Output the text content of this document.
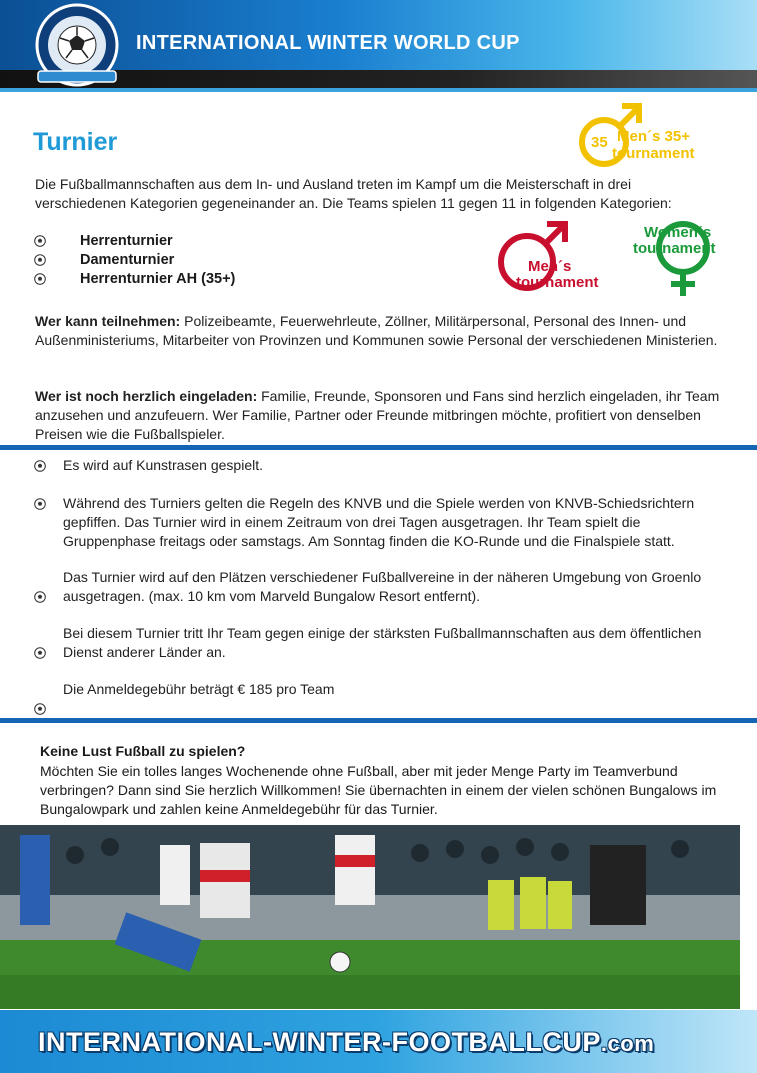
INTERNATIONAL WINTER WORLD CUP
Turnier
Die Fußballmannschaften aus dem In- und Ausland treten im Kampf um die Meisterschaft in drei verschiedenen Kategorien gegeneinander an. Die Teams spielen 11 gegen 11 in folgenden Kategorien:
Herrenturnier
Damenturnier
Herrenturnier AH (35+)
35 Men´s 35+
tournament
Men´s
tournament
Women´s
tournament
Wer kann teilnehmen: Polizeibeamte, Feuerwehrleute, Zöllner, Militärpersonal, Personal des Innen- und Außenministeriums, Mitarbeiter von Provinzen und Kommunen sowie Personal der verschiedenen Ministerien.
Wer ist noch herzlich eingeladen: Familie, Freunde, Sponsoren und Fans sind herzlich eingeladen, ihr Team anzusehen und anzufeuern. Wer Familie, Partner oder Freunde mitbringen möchte, profitiert von denselben Preisen wie die Fußballspieler.
Es wird auf Kunstrasen gespielt.
Während des Turniers gelten die Regeln des KNVB und die Spiele werden von KNVB-Schiedsrichtern gepfiffen. Das Turnier wird in einem Zeitraum von drei Tagen ausgetragen. Ihr Team spielt die Gruppenphase freitags oder samstags. Am Sonntag finden die KO-Runde und die Finalspiele statt.
Das Turnier wird auf den Plätzen verschiedener Fußballvereine in der näheren Umgebung von Groenlo ausgetragen. (max. 10 km vom Marveld Bungalow Resort entfernt).
Bei diesem Turnier tritt Ihr Team gegen einige der stärksten Fußballmannschaften aus dem öffentlichen Dienst anderer Länder an.
Die Anmeldegebühr beträgt € 185 pro Team
Keine Lust Fußball zu spielen?
Möchten Sie ein tolles langes Wochenende ohne Fußball, aber mit jeder Menge Party im Teamverbund verbringen? Dann sind Sie herzlich Willkommen! Sie übernachten in einem der vielen schönen Bungalows im Bungalowpark und zahlen keine Anmeldegebühr für das Turnier.
INTERNATIONAL-WINTER-FOOTBALLCUP.com
